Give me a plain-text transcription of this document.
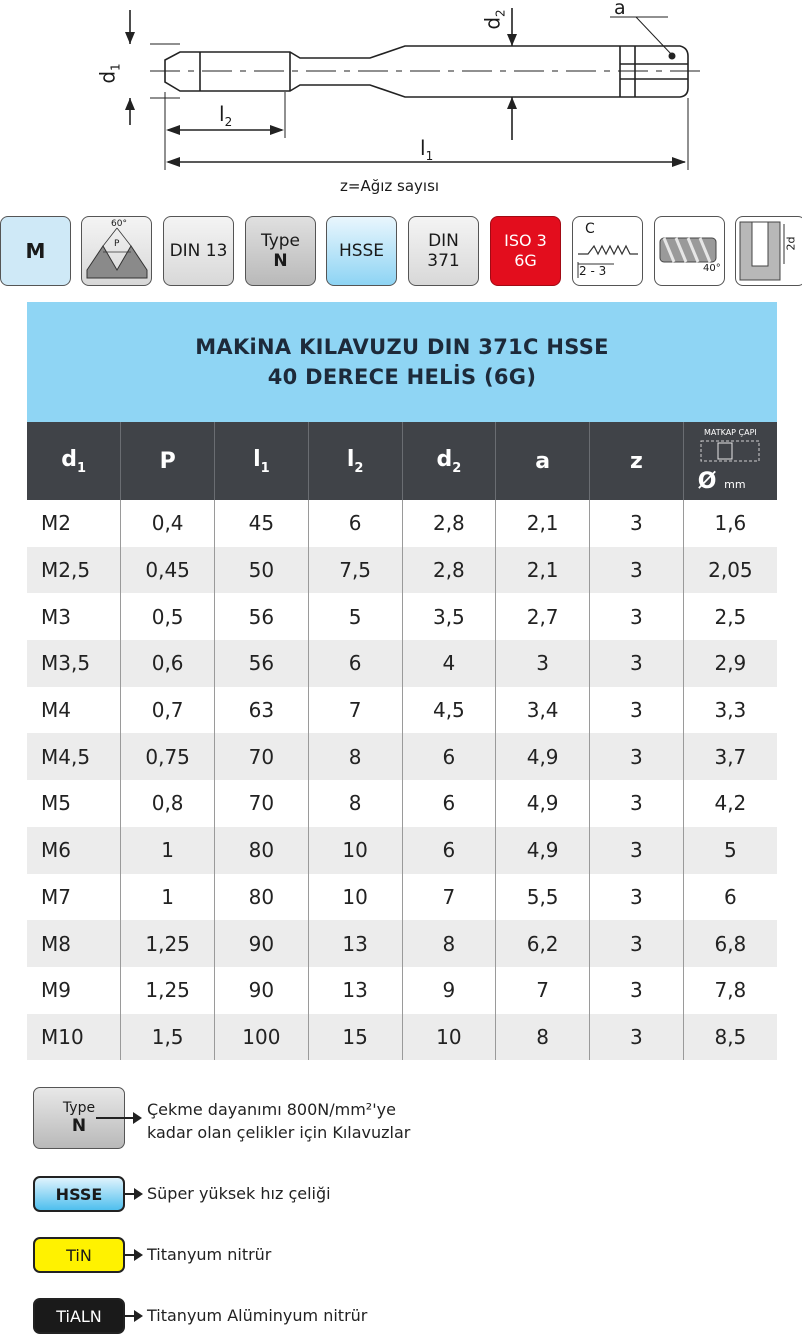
$d_1$
$d_2$	a
$l_2$
$l_1$
z=Ağız sayısı
M
60°
P	DIN 13 Type
N	HSSE	DIN
371
ISO 3
6G
C
2 - 3	40°
2d
MAKiNA KILAVUZU DIN 371C HSSE
40 DERECE HELİS (6G)
$d_1$	P	$l_1$	$l_2$	$d_2$	a	z	MATKAP ÇAPI
Ø mm

M2	0,4	45	6	2,8	2,1	3	1,6
M2,5	0,45	50	7,5	2,8	2,1	3	2,05
M3	0,5	56	5	3,5	2,7	3	2,5
M3,5	0,6	56	6	4	3	3	2,9
M4	0,7	63	7	4,5	3,4	3	3,3
M4,5	0,75	70	8	6	4,9	3	3,7
M5	0,8	70	8	6	4,9	3	4,2
M6	1	80	10	6	4,9	3	5
M7	1	80	10	7	5,5	3	6
M8	1,25	90	13	8	6,2	3	6,8
M9	1,25	90	13	9	7	3	7,8
M10	1,5	100	15	10	8	3	8,5
Type
N
Çekme dayanımı 800N/mm²'ye
kadar olan çelikler için Kılavuzlar
HSSE	Süper yüksek hız çeliği
TiN	Titanyum nitrür
TiALN	Titanyum Alüminyum nitrür
